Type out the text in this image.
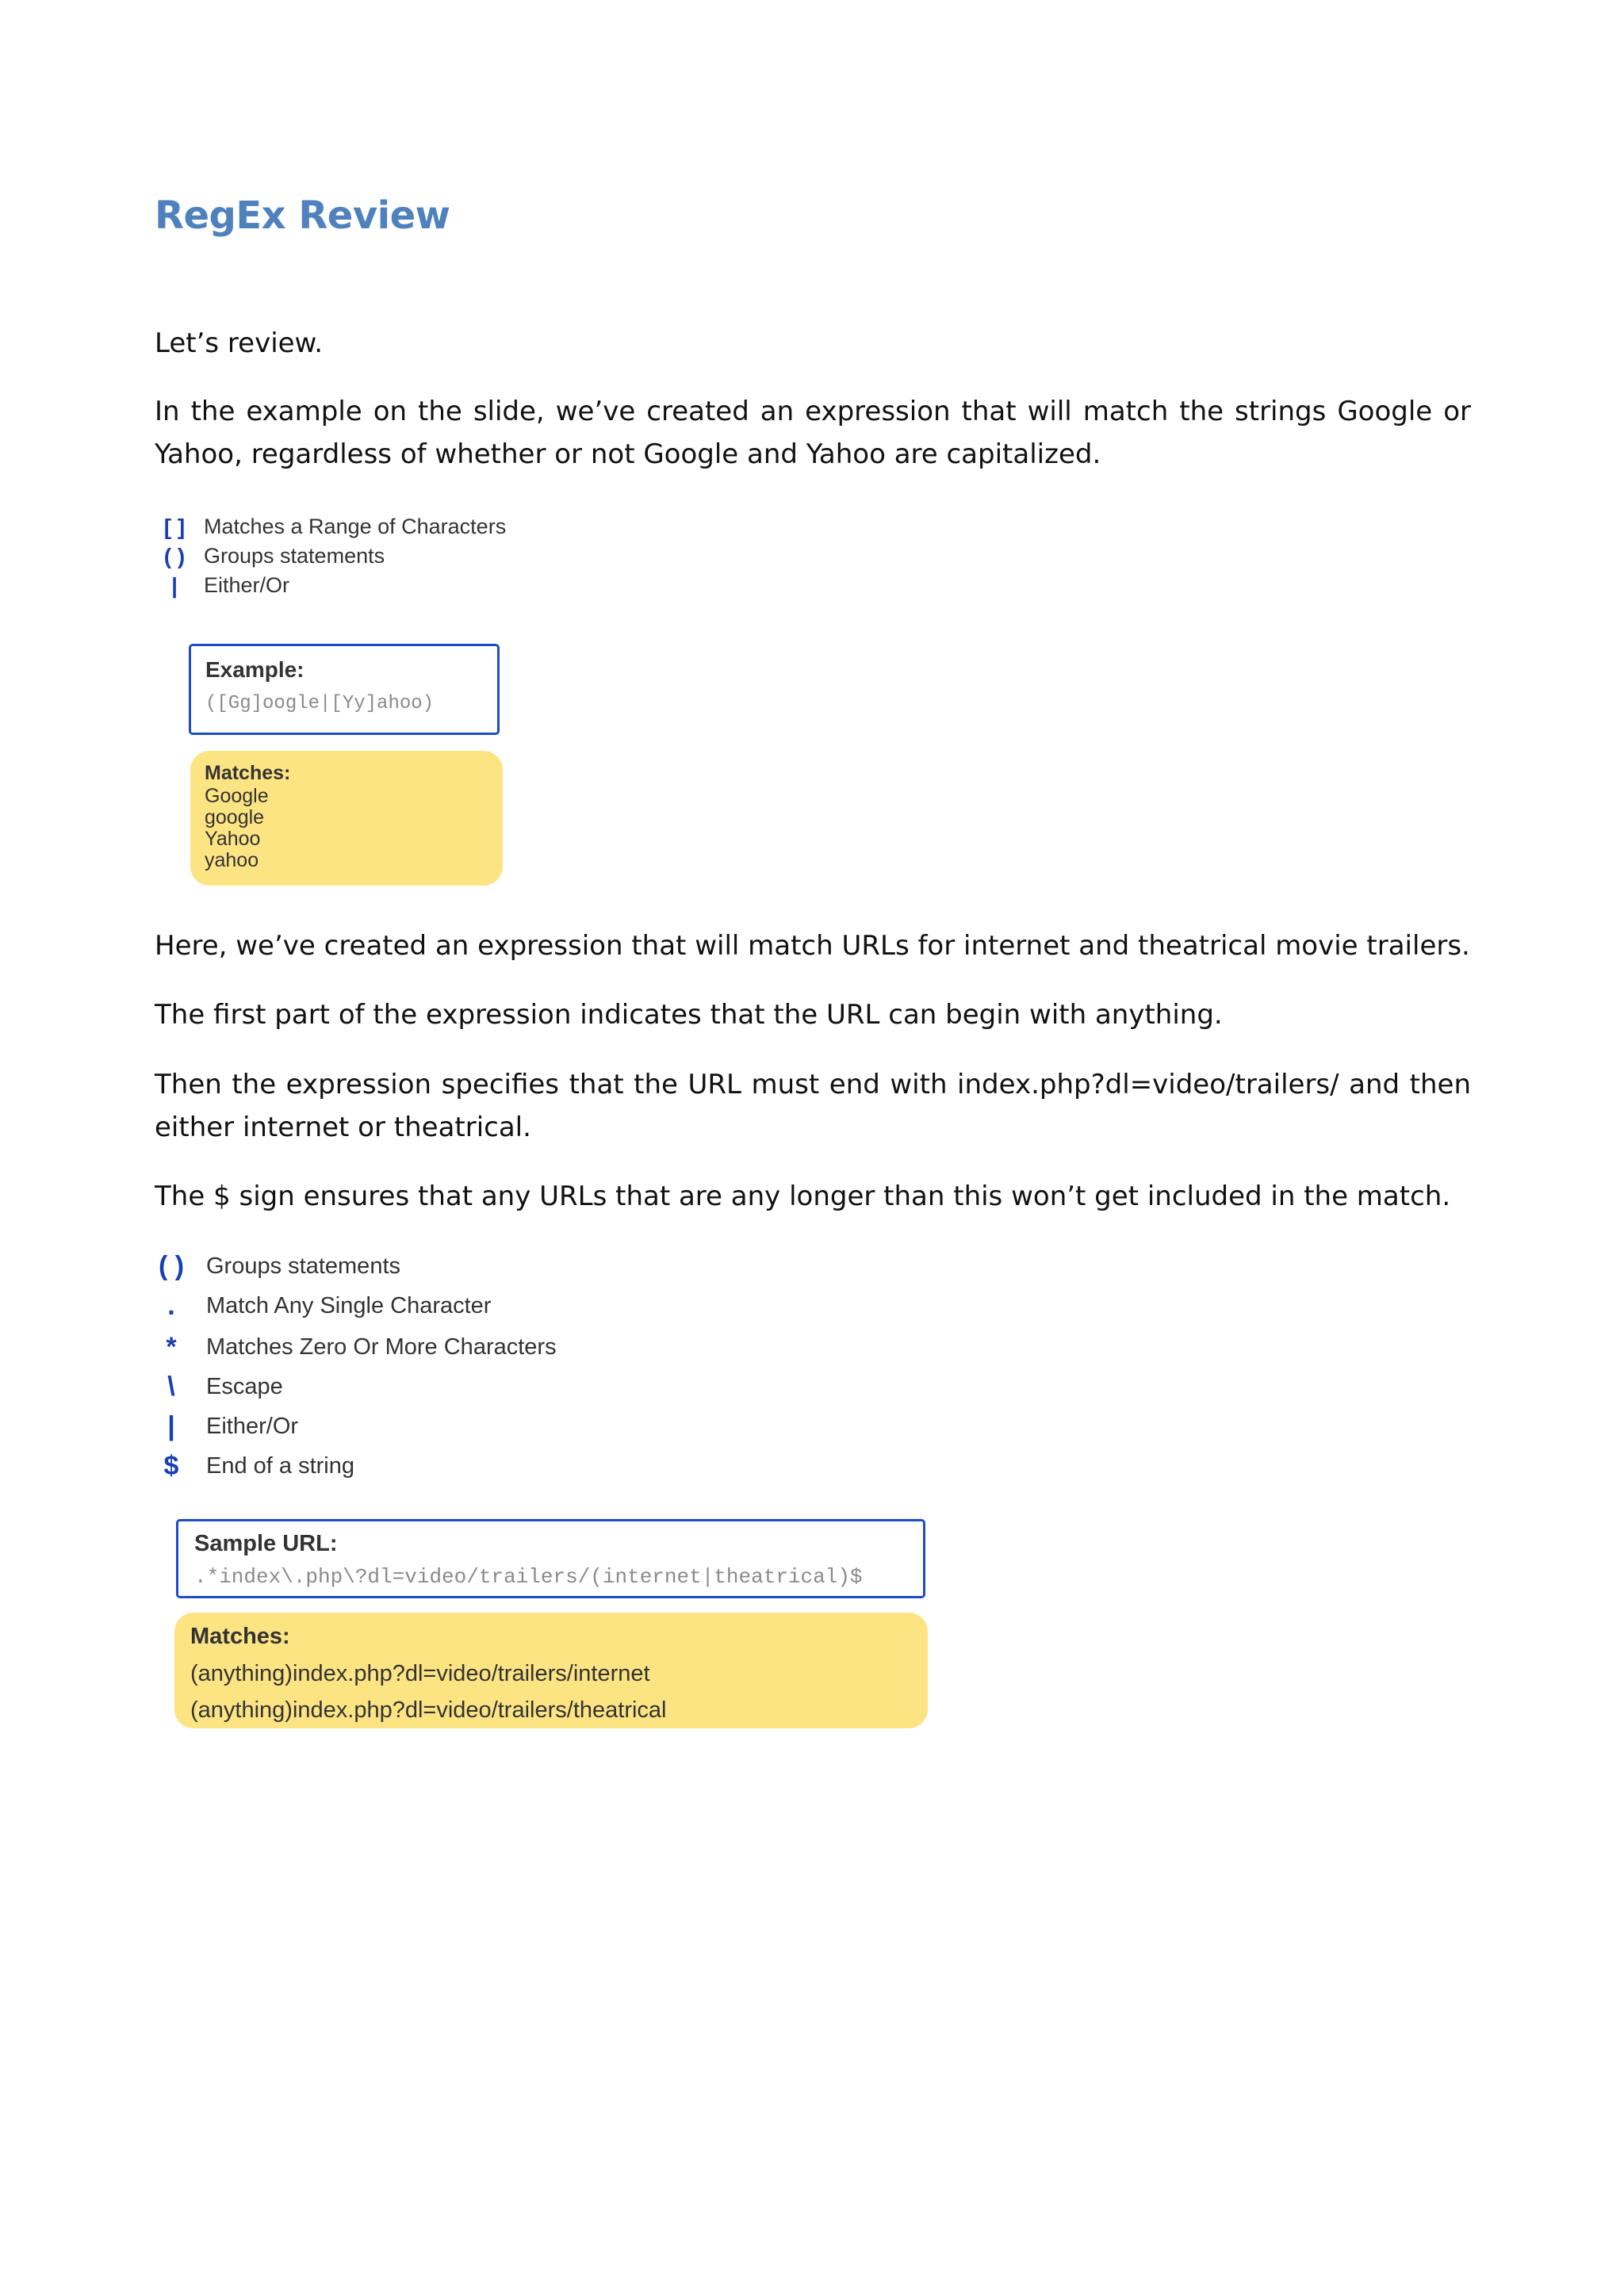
RegEx Review

Let’s review.

In the example on the slide, we’ve created an expression that will match the strings Google or Yahoo, regardless of whether or not Google and Yahoo are capitalized.

[ ] Matches a Range of Characters
( ) Groups statements
|	Either/Or
Example:
([Gg]oogle|[Yy]ahoo)
Matches:
Google
google
Yahoo
yahoo

Here, we’ve created an expression that will match URLs for internet and theatrical movie trailers.

The first part of the expression indicates that the URL can begin with anything.

Then the expression specifies that the URL must end with index.php?dl=video/trailers/ and then either internet or theatrical.

The $ sign ensures that any URLs that are any longer than this won’t get included in the match.

( ) Groups statements
.	Match Any Single Character
*	Matches Zero Or More Characters
\	Escape
|	Either/Or
$	End of a string
Sample URL:
.*index\.php\?dl=video/trailers/(internet|theatrical)$
Matches:
(anything)index.php?dl=video/trailers/internet
(anything)index.php?dl=video/trailers/theatrical
